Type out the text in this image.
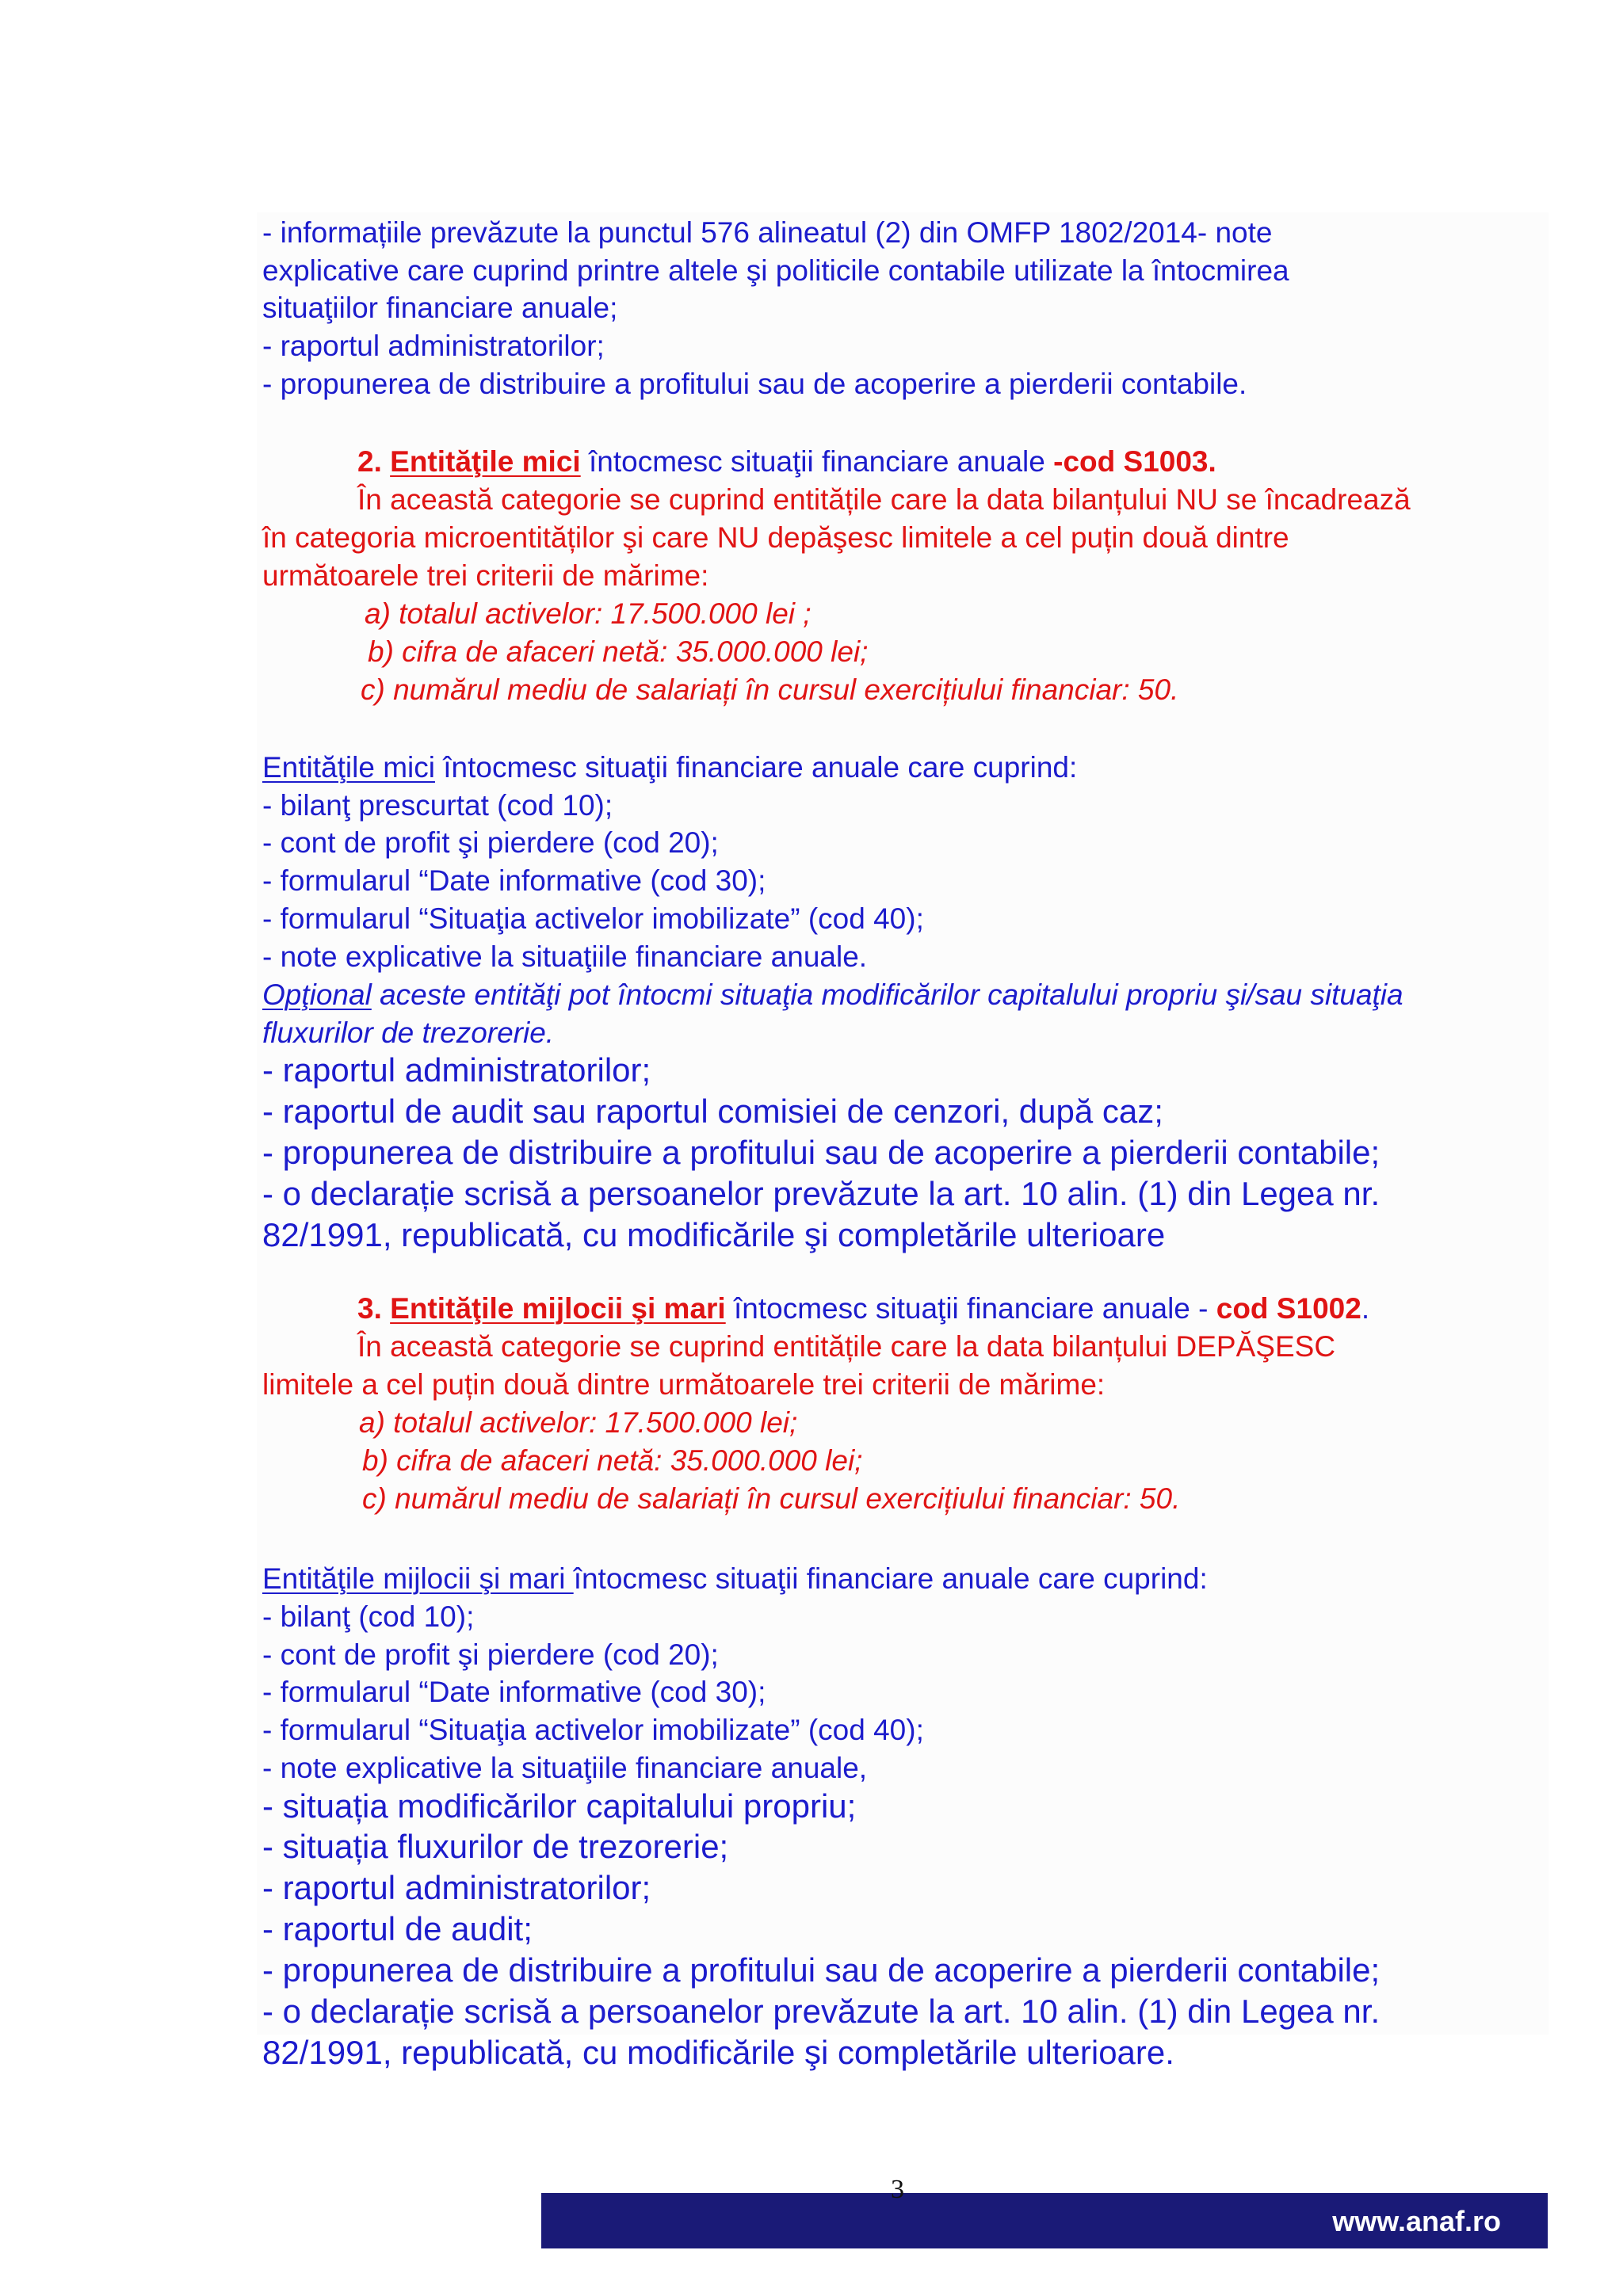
- informațiile prevăzute la punctul 576 alineatul (2) din OMFP 1802/2014- note
explicative care cuprind printre altele şi politicile contabile utilizate la întocmirea
situaţiilor financiare anuale;
- raportul administratorilor;
- propunerea de distribuire a profitului sau de acoperire a pierderii contabile.
2. Entităţile mici întocmesc situaţii financiare anuale -cod S1003.
În această categorie se cuprind entitățile care la data bilanțului NU se încadrează
în categoria microentităților şi care NU depăşesc limitele a cel puțin două dintre
următoarele trei criterii de mărime:
a) totalul activelor: 17.500.000 lei ;
b) cifra de afaceri netă: 35.000.000 lei;
c) numărul mediu de salariați în cursul exercițiului financiar: 50.
Entităţile mici întocmesc situaţii financiare anuale care cuprind:
- bilanţ prescurtat (cod 10);
- cont de profit şi pierdere (cod 20);
- formularul “Date informative (cod 30);
- formularul “Situaţia activelor imobilizate” (cod 40);
- note explicative la situaţiile financiare anuale.
Opţional aceste entităţi pot întocmi situaţia modificărilor capitalului propriu şi/sau situaţia
fluxurilor de trezorerie.
- raportul administratorilor;
- raportul de audit sau raportul comisiei de cenzori, după caz;
- propunerea de distribuire a profitului sau de acoperire a pierderii contabile;
- o declarație scrisă a persoanelor prevăzute la art. 10 alin. (1) din Legea nr.
82/1991, republicată, cu modificările şi completările ulterioare
3. Entităţile mijlocii şi mari întocmesc situaţii financiare anuale - cod S1002.
În această categorie se cuprind entitățile care la data bilanțului DEPĂŞESC
limitele a cel puțin două dintre următoarele trei criterii de mărime:
a) totalul activelor: 17.500.000 lei;
b) cifra de afaceri netă: 35.000.000 lei;
c) numărul mediu de salariați în cursul exercițiului financiar: 50.
Entităţile mijlocii şi mari întocmesc situaţii financiare anuale care cuprind:
- bilanţ (cod 10);
- cont de profit şi pierdere (cod 20);
- formularul “Date informative (cod 30);
- formularul “Situaţia activelor imobilizate” (cod 40);
- note explicative la situaţiile financiare anuale,
- situația modificărilor capitalului propriu;
- situația fluxurilor de trezorerie;
- raportul administratorilor;
- raportul de audit;
- propunerea de distribuire a profitului sau de acoperire a pierderii contabile;
- o declarație scrisă a persoanelor prevăzute la art. 10 alin. (1) din Legea nr.
82/1991, republicată, cu modificările şi completările ulterioare.
3
www.anaf.ro
